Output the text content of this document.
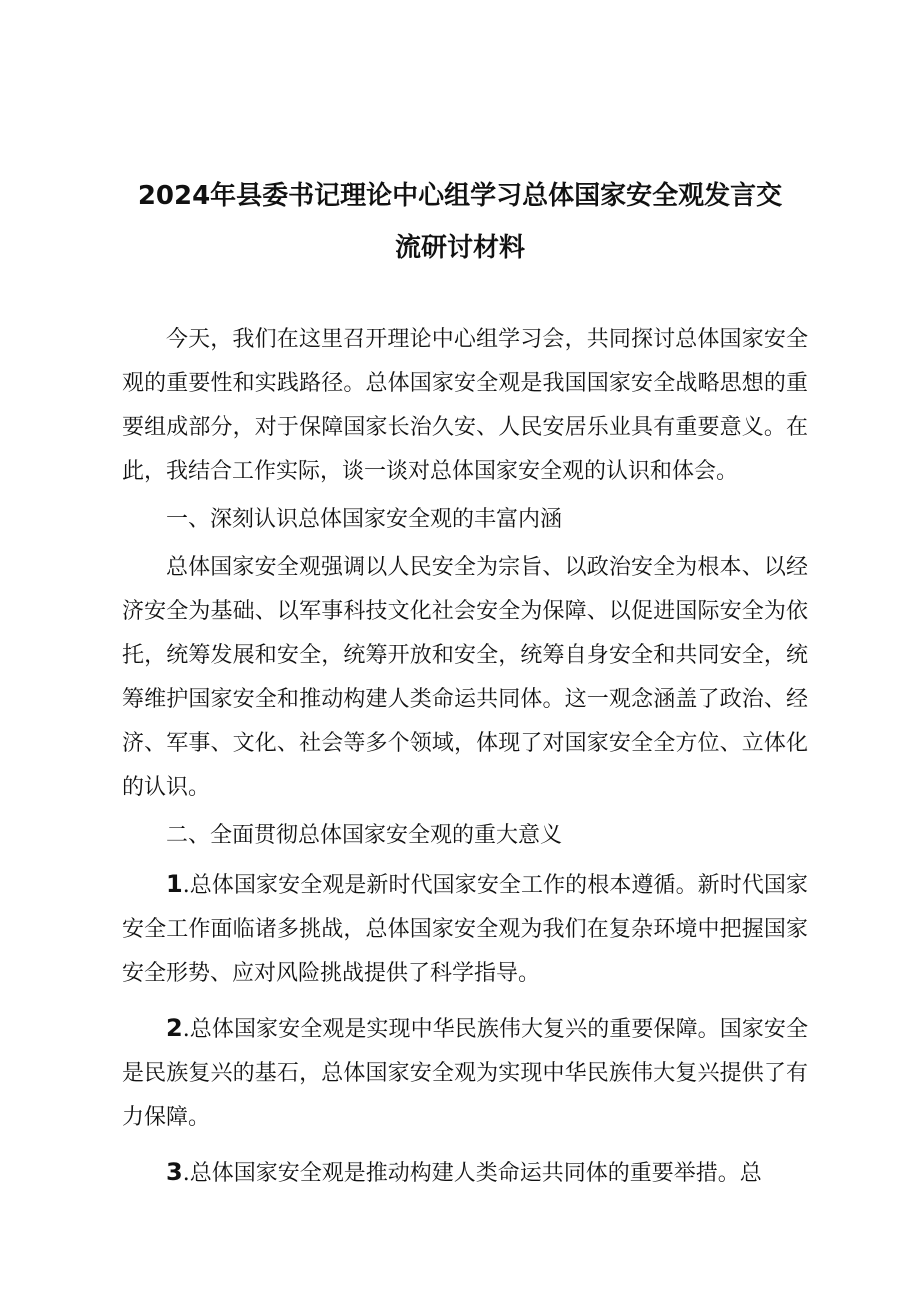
2024年县委书记理论中心组学习总体国家安全观发言交
流研讨材料

今天，我们在这里召开理论中心组学习会，共同探讨总体国家安全观的重要性和实践路径。总体国家安全观是我国国家安全战略思想的重要组成部分，对于保障国家长治久安、人民安居乐业具有重要意义。在此，我结合工作实际，谈一谈对总体国家安全观的认识和体会。

一、深刻认识总体国家安全观的丰富内涵

总体国家安全观强调以人民安全为宗旨、以政治安全为根本、以经济安全为基础、以军事科技文化社会安全为保障、以促进国际安全为依托，统筹发展和安全，统筹开放和安全，统筹自身安全和共同安全，统筹维护国家安全和推动构建人类命运共同体。这一观念涵盖了政治、经济、军事、文化、社会等多个领域，体现了对国家安全全方位、立体化的认识。

二、全面贯彻总体国家安全观的重大意义

1.总体国家安全观是新时代国家安全工作的根本遵循。新时代国家安全工作面临诸多挑战，总体国家安全观为我们在复杂环境中把握国家安全形势、应对风险挑战提供了科学指导。

2.总体国家安全观是实现中华民族伟大复兴的重要保障。国家安全是民族复兴的基石，总体国家安全观为实现中华民族伟大复兴提供了有力保障。

3.总体国家安全观是推动构建人类命运共同体的重要举措。总
